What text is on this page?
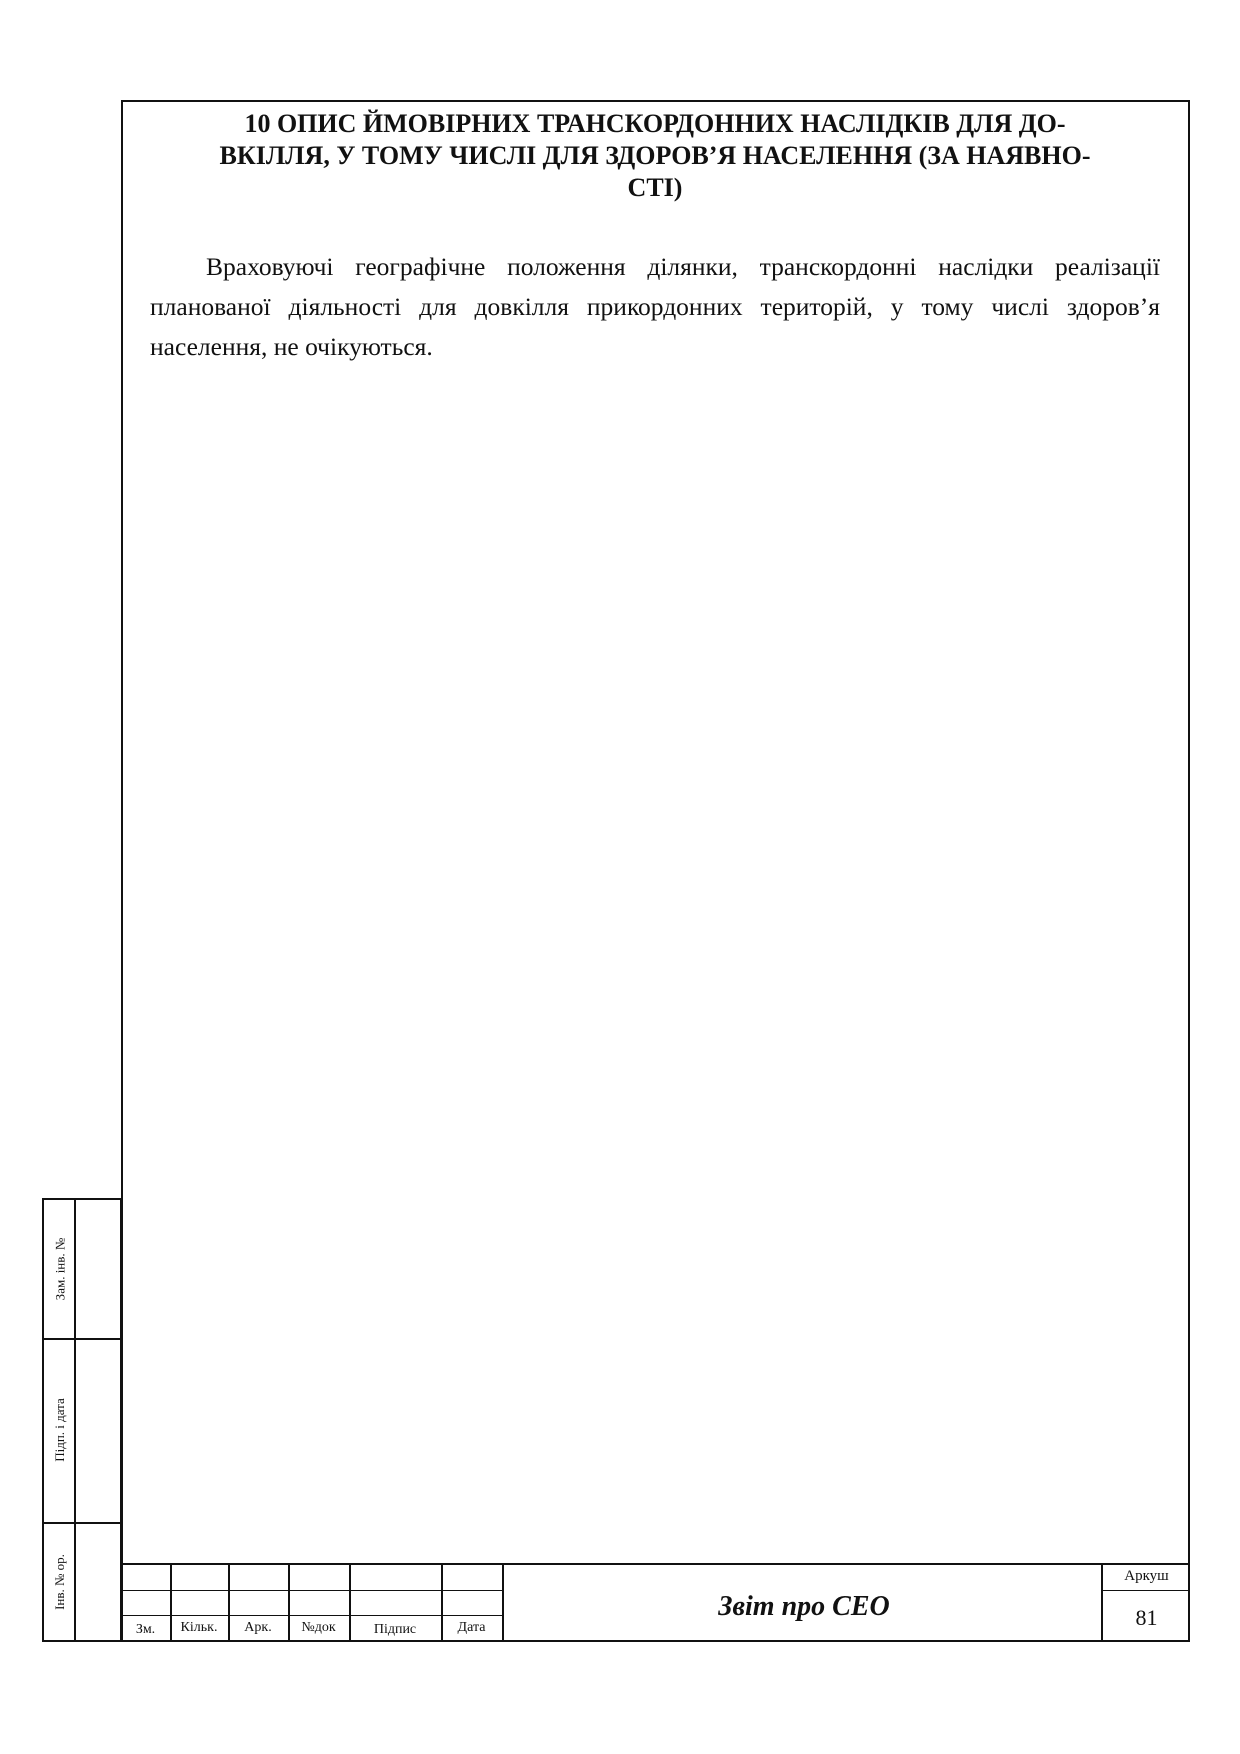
10 ОПИС ЙМОВІРНИХ ТРАНСКОРДОННИХ НАСЛІДКІВ ДЛЯ ДО-
ВКІЛЛЯ, У ТОМУ ЧИСЛІ ДЛЯ ЗДОРОВ’Я НАСЕЛЕННЯ (ЗА НАЯВНО-
СТІ)

Враховуючі географічне положення ділянки, транскордонні наслідки реалізації планованої діяльності для довкілля прикордонних територій, у тому числі здоров’я населення, не очікуються.

Зам. інв. №
Підп. і дата
Інв. № ор.
Зм.	Кільк.	Арк.	№док	Підпис	Дата
Звіт про СЕО
Аркуш
81
